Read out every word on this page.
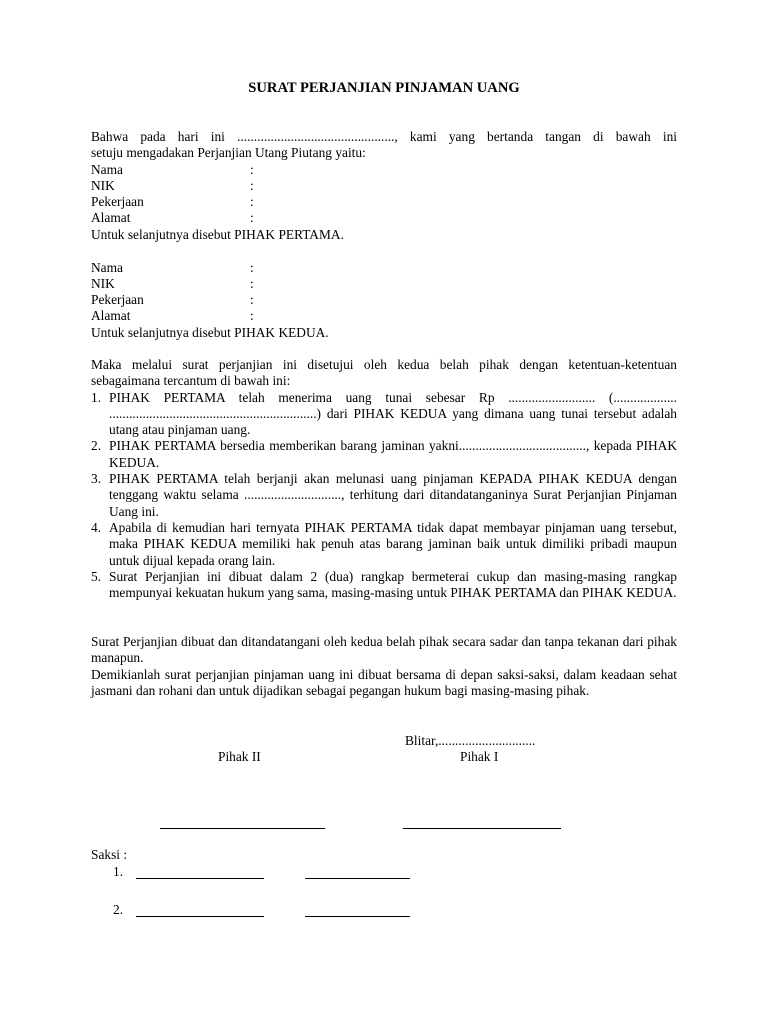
SURAT PERJANJIAN PINJAMAN UANG
Bahwa pada hari ini ..............................................., kami yang bertanda tangan di bawah ini
setuju mengadakan Perjanjian Utang Piutang yaitu:
Nama	:
NIK	:
Pekerjaan	:
Alamat	:
Untuk selanjutnya disebut PIHAK PERTAMA.
Nama	:
NIK	:
Pekerjaan	:
Alamat	:
Untuk selanjutnya disebut PIHAK KEDUA.
Maka melalui surat perjanjian ini disetujui oleh kedua belah pihak dengan ketentuan-ketentuan
sebagaimana tercantum di bawah ini:
1. PIHAK PERTAMA telah menerima uang tunai sebesar Rp .......................... (................... ..............................................................) dari PIHAK KEDUA yang dimana uang tunai tersebut adalah utang atau pinjaman uang.
2. PIHAK PERTAMA bersedia memberikan barang jaminan yakni......................................, kepada PIHAK KEDUA.
3. PIHAK PERTAMA telah berjanji akan melunasi uang pinjaman KEPADA PIHAK KEDUA dengan tenggang waktu selama ............................., terhitung dari ditandatanganinya Surat Perjanjian Pinjaman Uang ini.
4. Apabila di kemudian hari ternyata PIHAK PERTAMA tidak dapat membayar pinjaman uang tersebut, maka PIHAK KEDUA memiliki hak penuh atas barang jaminan baik untuk dimiliki pribadi maupun untuk dijual kepada orang lain.
5. Surat Perjanjian ini dibuat dalam 2 (dua) rangkap bermeterai cukup dan masing-masing rangkap mempunyai kekuatan hukum yang sama, masing-masing untuk PIHAK PERTAMA dan PIHAK KEDUA.
Surat Perjanjian dibuat dan ditandatangani oleh kedua belah pihak secara sadar dan tanpa tekanan dari pihak manapun.
Demikianlah surat perjanjian pinjaman uang ini dibuat bersama di depan saksi-saksi, dalam keadaan sehat jasmani dan rohani dan untuk dijadikan sebagai pegangan hukum bagi masing-masing pihak.
Blitar,.............................
Pihak II	Pihak I
Saksi :
1.
2.
